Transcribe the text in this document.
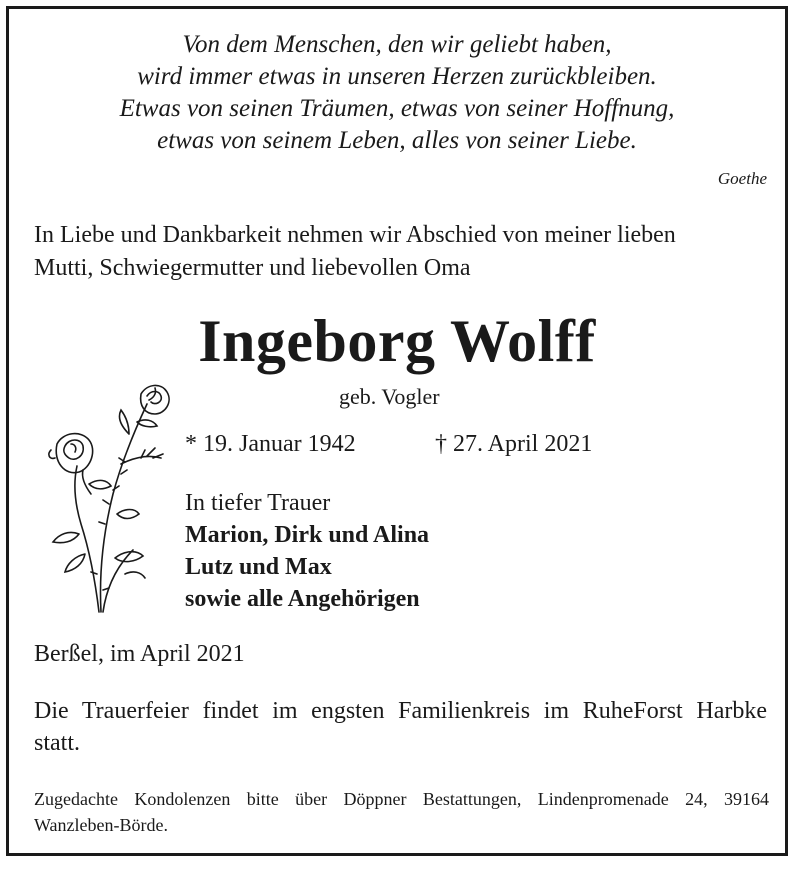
Von dem Menschen, den wir geliebt haben,
wird immer etwas in unseren Herzen zurückbleiben.
Etwas von seinen Träumen, etwas von seiner Hoffnung,
etwas von seinem Leben, alles von seiner Liebe.
Goethe
In Liebe und Dankbarkeit nehmen wir Abschied von meiner lieben
Mutti, Schwiegermutter und liebevollen Oma
Ingeborg Wolff
geb. Vogler
* 19. Januar 1942	† 27. April 2021
In tiefer Trauer
Marion, Dirk und Alina
Lutz und Max
sowie alle Angehörigen
Berßel, im April 2021
Die Trauerfeier findet im engsten Familienkreis im RuheForst Harbke statt.
Zugedachte Kondolenzen bitte über Döppner Bestattungen, Lindenpromenade 24, 39164 Wanzleben-Börde.
